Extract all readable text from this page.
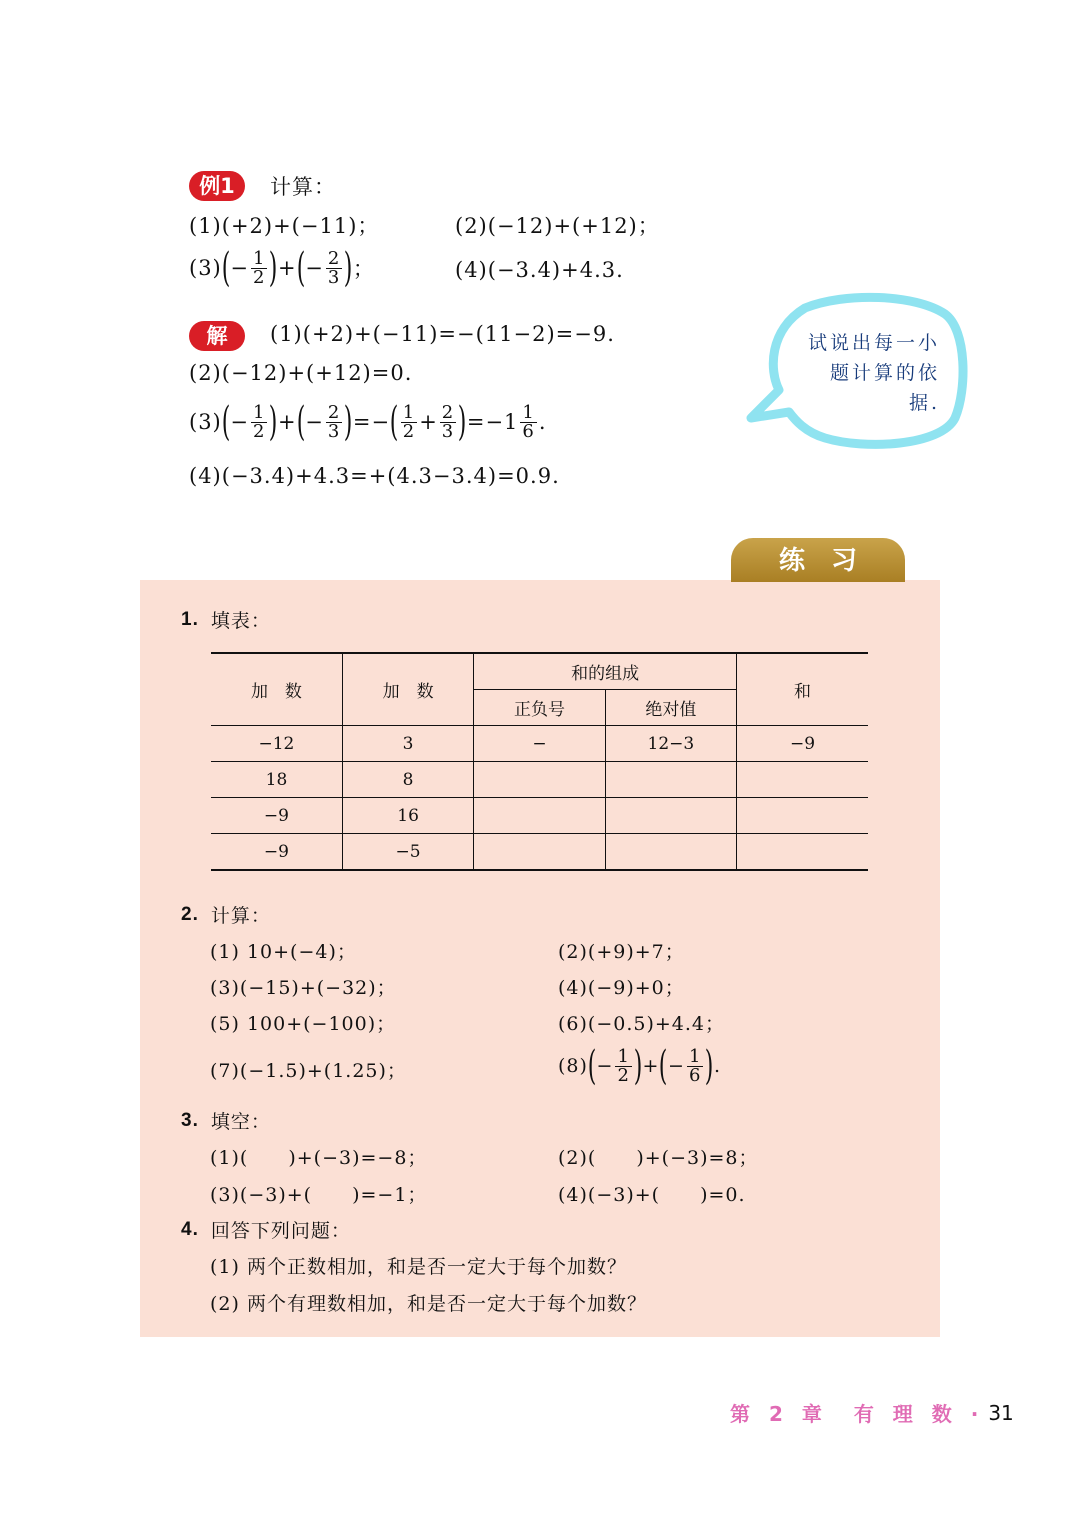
例1	计算：
(1)(+2)+(−11)；	(2)(−12)+(+12)；
(3) ( − $\frac{1}{2}$ ) + ( − $\frac{2}{3}$ ) ；	(4)(−3.4)+4.3.
解	(1)(+2)+(−11)=−(11−2)=−9.
(2)(−12)+(+12)=0.
(3) ( − $\frac{1}{2}$ ) + ( − $\frac{2}{3}$ ) =− ( $\frac{1}{2} + \frac{2}{3}$ ) $=-1 \frac{1}{6}$ .
(4)(−3.4)+4.3=+(4.3−3.4)=0.9.
试说出每一小题计算的依据.
练习
1. 填表：
加　数	加　数	和的组成		和
		正负号	绝对值	
−12	3	−	12−3	−9
18	8			
−9	16			
−9	−5			
2. 计算：
(1) 10+(−4)；	(2)(+9)+7；
(3)(−15)+(−32)；	(4)(−9)+0；
(5) 100+(−100)；	(6)(−0.5)+4.4；
(7)(−1.5)+(1.25)；	(8) ( − $\frac{1}{2}$ ) + ( − $\frac{1}{6}$ ) .
3. 填空：
(1)(　　)+(−3)=−8；	(2)(　　)+(−3)=8；
(3)(−3)+(　　)=−1；	(4)(−3)+(　　)=0.
4. 回答下列问题：
(1) 两个正数相加，和是否一定大于每个加数？
(2) 两个有理数相加，和是否一定大于每个加数？
第 2 章　有 理 数 · 31
